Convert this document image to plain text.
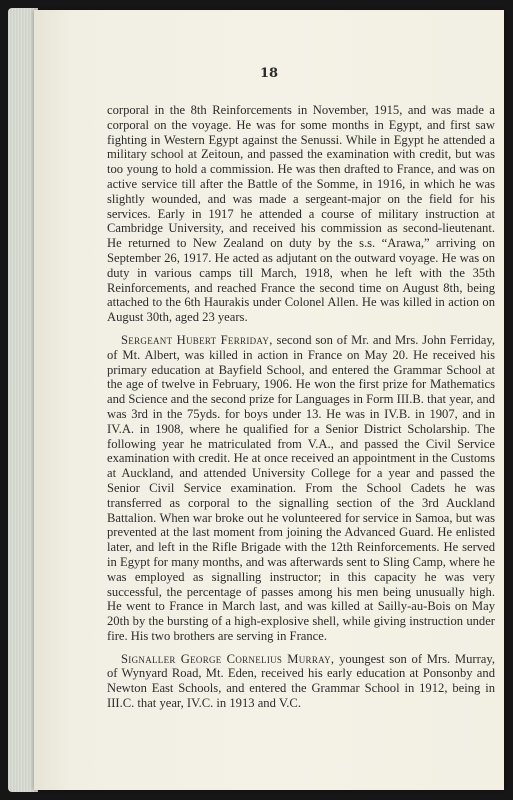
18

corporal in the 8th Reinforcements in November, 1915, and was made a corporal on the voyage. He was for some months in Egypt, and first saw fighting in Western Egypt against the Senussi. While in Egypt he attended a military school at Zeitoun, and passed the examination with credit, but was too young to hold a commission. He was then drafted to France, and was on active service till after the Battle of the Somme, in 1916, in which he was slightly wounded, and was made a sergeant-major on the field for his services. Early in 1917 he attended a course of military instruction at Cambridge University, and received his commission as second-lieutenant. He returned to New Zealand on duty by the s.s. “Arawa,” arriving on September 26, 1917. He acted as adjutant on the outward voyage. He was on duty in various camps till March, 1918, when he left with the 35th Reinforcements, and reached France the second time on August 8th, being attached to the 6th Haurakis under Colonel Allen. He was killed in action on August 30th, aged 23 years.

Sergeant Hubert Ferriday, second son of Mr. and Mrs. John Ferriday, of Mt. Albert, was killed in action in France on May 20. He received his primary education at Bayfield School, and entered the Grammar School at the age of twelve in February, 1906. He won the first prize for Mathematics and Science and the second prize for Languages in Form III.B. that year, and was 3rd in the 75yds. for boys under 13. He was in IV.B. in 1907, and in IV.A. in 1908, where he qualified for a Senior District Scholarship. The following year he matriculated from V.A., and passed the Civil Service examination with credit. He at once received an appointment in the Customs at Auckland, and attended University College for a year and passed the Senior Civil Service examination. From the School Cadets he was transferred as corporal to the signalling section of the 3rd Auckland Battalion. When war broke out he volunteered for service in Samoa, but was prevented at the last moment from joining the Advanced Guard. He enlisted later, and left in the Rifle Brigade with the 12th Reinforcements. He served in Egypt for many months, and was afterwards sent to Sling Camp, where he was employed as signalling instructor; in this capacity he was very successful, the percentage of passes among his men being unusually high. He went to France in March last, and was killed at Sailly-au-Bois on May 20th by the bursting of a high-explosive shell, while giving instruction under fire. His two brothers are serving in France.

Signaller George Cornelius Murray, youngest son of Mrs. Murray, of Wynyard Road, Mt. Eden, received his early education at Ponsonby and Newton East Schools, and entered the Grammar School in 1912, being in III.C. that year, IV.C. in 1913 and V.C.
